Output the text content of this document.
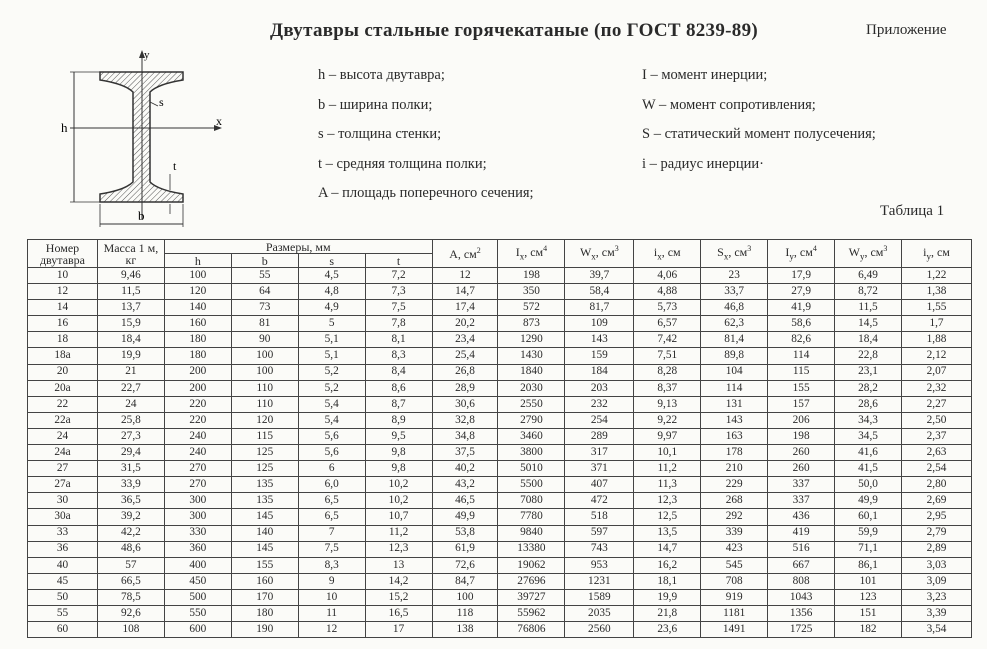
Двутавры стальные горячекатаные (по ГОСТ 8239-89)	Приложение
y
x
h
b
s
t
h – высота двутавра;
b – ширина полки;
s – толщина стенки;
t – средняя толщина полки;
A – площадь поперечного сечения;
I – момент инерции;
W – момент сопротивления;
S – статический момент полусечения;
i – радиус инерции·
Таблица 1
Номер двутавра	Масса 1 м, кг	Размеры, мм				A, $см^2$	$I_x$, $см^4$	$W_x$, $см^3$	$i_x$, см	$S_x$, $см^3$	$I_y$, $см^4$	$W_y$, $см^3$	$i_y$, см
		h	b	s	t								
10	9,46	100	55	4,5	7,2	12	198	39,7	4,06	23	17,9	6,49	1,22
12	11,5	120	64	4,8	7,3	14,7	350	58,4	4,88	33,7	27,9	8,72	1,38
14	13,7	140	73	4,9	7,5	17,4	572	81,7	5,73	46,8	41,9	11,5	1,55
16	15,9	160	81	5	7,8	20,2	873	109	6,57	62,3	58,6	14,5	1,7
18	18,4	180	90	5,1	8,1	23,4	1290	143	7,42	81,4	82,6	18,4	1,88
18а	19,9	180	100	5,1	8,3	25,4	1430	159	7,51	89,8	114	22,8	2,12
20	21	200	100	5,2	8,4	26,8	1840	184	8,28	104	115	23,1	2,07
20а	22,7	200	110	5,2	8,6	28,9	2030	203	8,37	114	155	28,2	2,32
22	24	220	110	5,4	8,7	30,6	2550	232	9,13	131	157	28,6	2,27
22а	25,8	220	120	5,4	8,9	32,8	2790	254	9,22	143	206	34,3	2,50
24	27,3	240	115	5,6	9,5	34,8	3460	289	9,97	163	198	34,5	2,37
24а	29,4	240	125	5,6	9,8	37,5	3800	317	10,1	178	260	41,6	2,63
27	31,5	270	125	6	9,8	40,2	5010	371	11,2	210	260	41,5	2,54
27а	33,9	270	135	6,0	10,2	43,2	5500	407	11,3	229	337	50,0	2,80
30	36,5	300	135	6,5	10,2	46,5	7080	472	12,3	268	337	49,9	2,69
30а	39,2	300	145	6,5	10,7	49,9	7780	518	12,5	292	436	60,1	2,95
33	42,2	330	140	7	11,2	53,8	9840	597	13,5	339	419	59,9	2,79
36	48,6	360	145	7,5	12,3	61,9	13380	743	14,7	423	516	71,1	2,89
40	57	400	155	8,3	13	72,6	19062	953	16,2	545	667	86,1	3,03
45	66,5	450	160	9	14,2	84,7	27696	1231	18,1	708	808	101	3,09
50	78,5	500	170	10	15,2	100	39727	1589	19,9	919	1043	123	3,23
55	92,6	550	180	11	16,5	118	55962	2035	21,8	1181	1356	151	3,39
60	108	600	190	12	17	138	76806	2560	23,6	1491	1725	182	3,54
